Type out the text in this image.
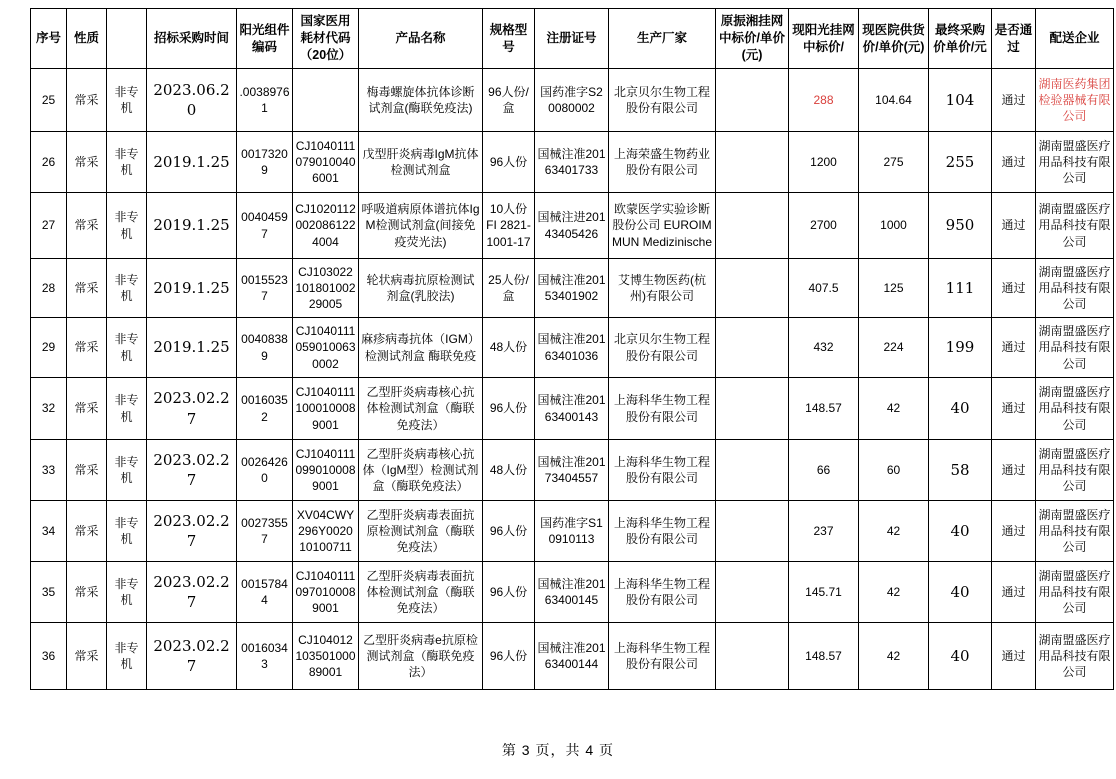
序号	性质		招标采购时间	阳光组件编码	国家医用耗材代码（20位）	产品名称	规格型号	注册证号	生产厂家	原振湘挂网中标价/单价(元)	现阳光挂网中标价/	现医院供货价/单价(元)	最终采购价单价/元	是否通过	配送企业
25	常采	非专机	2023.06.20	.00389761		梅毒螺旋体抗体诊断试剂盒(酶联免疫法)	96人份/盒	国药准字S20080002	北京贝尔生物工程股份有限公司		288	104.64	104	通过	湖南医药集团检验器械有限公司
26	常采	非专机	2019.1.25	00173209	CJ10401110790100406001	戊型肝炎病毒IgM抗体检测试剂盒	96人份	国械注准20163401733	上海荣盛生物药业股份有限公司		1200	275	255	通过	湖南盟盛医疗用品科技有限公司
27	常采	非专机	2019.1.25	00404597	CJ10201120020861224004	呼吸道病原体谱抗体IgM检测试剂盒(间接免疫荧光法)	10人份 FI 2821-1001-17	国械注进20143405426	欧蒙医学实验诊断股份公司 EUROIMMUN Medizinische		2700	1000	950	通过	湖南盟盛医疗用品科技有限公司
28	常采	非专机	2019.1.25	00155237	CJ10302210180100229005	轮状病毒抗原检测试剂盒(乳胶法)	25人份/盒	国械注准20153401902	艾博生物医药(杭州)有限公司		407.5	125	111	通过	湖南盟盛医疗用品科技有限公司
29	常采	非专机	2019.1.25	00408389	CJ10401110590100630002	麻疹病毒抗体（IGM）检测试剂盒 酶联免疫	48人份	国械注准20163401036	北京贝尔生物工程股份有限公司		432	224	199	通过	湖南盟盛医疗用品科技有限公司
32	常采	非专机	2023.02.27	00160352	CJ10401111000100089001	乙型肝炎病毒核心抗体检测试剂盒（酶联免疫法）	96人份	国械注准20163400143	上海科华生物工程股份有限公司		148.57	42	40	通过	湖南盟盛医疗用品科技有限公司
33	常采	非专机	2023.02.27	00264260	CJ10401110990100089001	乙型肝炎病毒核心抗体（IgM型）检测试剂盒（酶联免疫法）	48人份	国械注准20173404557	上海科华生物工程股份有限公司		66	60	58	通过	湖南盟盛医疗用品科技有限公司
34	常采	非专机	2023.02.27	00273557	XV04CWY296Y002010100711	乙型肝炎病毒表面抗原检测试剂盒（酶联免疫法）	96人份	国药准字S10910113	上海科华生物工程股份有限公司		237	42	40	通过	湖南盟盛医疗用品科技有限公司
35	常采	非专机	2023.02.27	00157844	CJ10401110970100089001	乙型肝炎病毒表面抗体检测试剂盒（酶联免疫法）	96人份	国械注准20163400145	上海科华生物工程股份有限公司		145.71	42	40	通过	湖南盟盛医疗用品科技有限公司
36	常采	非专机	2023.02.27	00160343	CJ10401210350100089001	乙型肝炎病毒e抗原检测试剂盒（酶联免疫法）	96人份	国械注准20163400144	上海科华生物工程股份有限公司		148.57	42	40	通过	湖南盟盛医疗用品科技有限公司
第 3 页，共 4 页
